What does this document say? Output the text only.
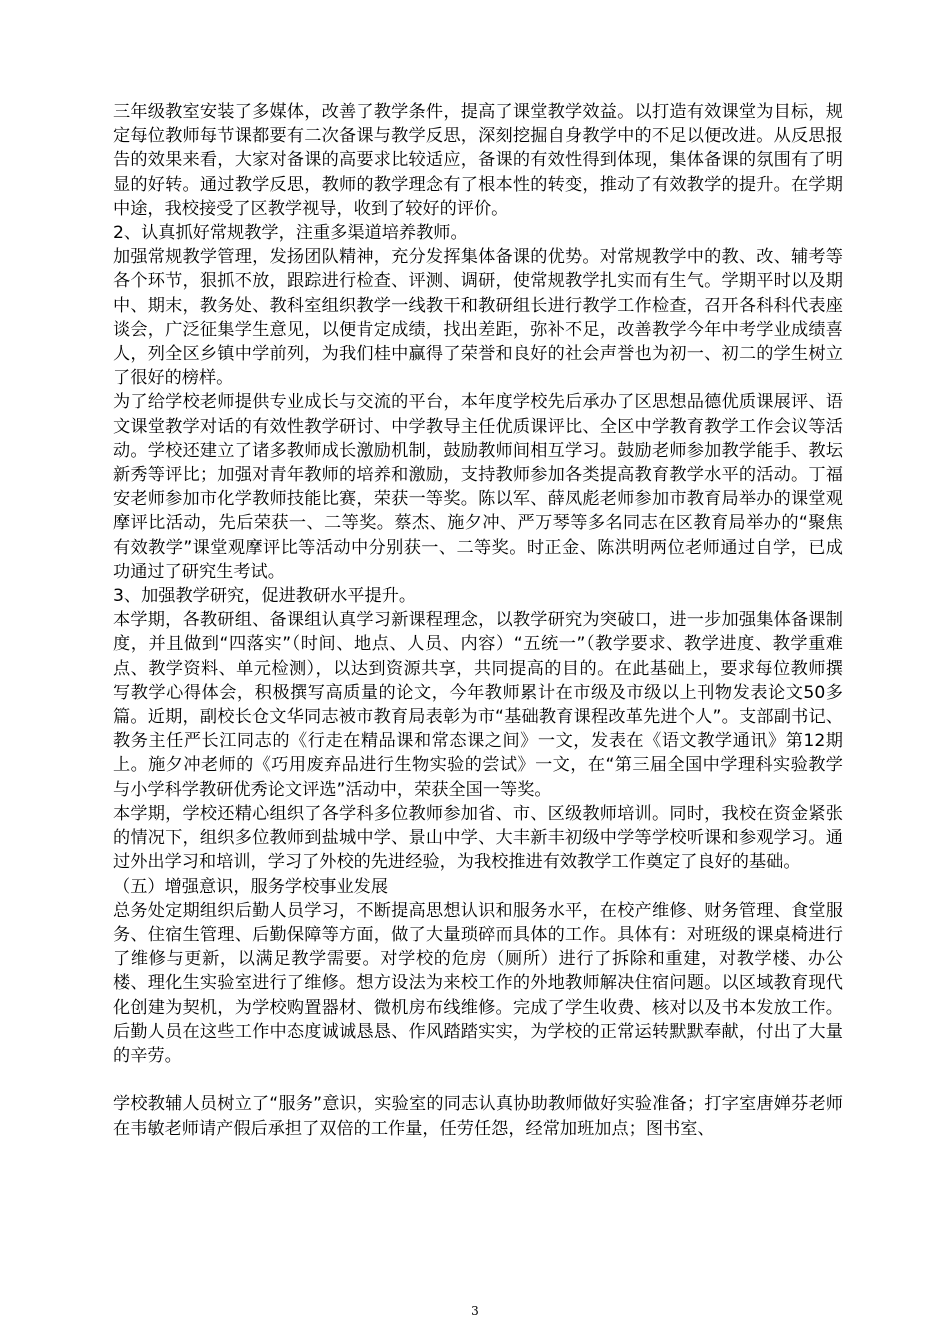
三年级教室安装了多媒体，改善了教学条件，提高了课堂教学效益。以打造有效课堂为目标，规定每位教师每节课都要有二次备课与教学反思，深刻挖掘自身教学中的不足以便改进。从反思报告的效果来看，大家对备课的高要求比较适应，备课的有效性得到体现，集体备课的氛围有了明显的好转。通过教学反思，教师的教学理念有了根本性的转变，推动了有效教学的提升。在学期中途，我校接受了区教学视导，收到了较好的评价。

2、认真抓好常规教学，注重多渠道培养教师。

加强常规教学管理，发扬团队精神，充分发挥集体备课的优势。对常规教学中的教、改、辅考等各个环节，狠抓不放，跟踪进行检查、评测、调研，使常规教学扎实而有生气。学期平时以及期中、期末，教务处、教科室组织教学一线教干和教研组长进行教学工作检查，召开各科科代表座谈会，广泛征集学生意见，以便肯定成绩，找出差距，弥补不足，改善教学今年中考学业成绩喜人，列全区乡镇中学前列，为我们桂中赢得了荣誉和良好的社会声誉也为初一、初二的学生树立了很好的榜样。

为了给学校老师提供专业成长与交流的平台，本年度学校先后承办了区思想品德优质课展评、语文课堂教学对话的有效性教学研讨、中学教导主任优质课评比、全区中学教育教学工作会议等活动。学校还建立了诸多教师成长激励机制，鼓励教师间相互学习。鼓励老师参加教学能手、教坛新秀等评比；加强对青年教师的培养和激励，支持教师参加各类提高教育教学水平的活动。丁福安老师参加市化学教师技能比赛，荣获一等奖。陈以军、薛凤彪老师参加市教育局举办的课堂观摩评比活动，先后荣获一、二等奖。蔡杰、施夕冲、严万琴等多名同志在区教育局举办的“聚焦有效教学”课堂观摩评比等活动中分别获一、二等奖。时正金、陈洪明两位老师通过自学，已成功通过了研究生考试。

3、加强教学研究，促进教研水平提升。

本学期，各教研组、备课组认真学习新课程理念，以教学研究为突破口，进一步加强集体备课制度，并且做到“四落实”（时间、地点、人员、内容）“五统一”（教学要求、教学进度、教学重难点、教学资料、单元检测），以达到资源共享，共同提高的目的。在此基础上，要求每位教师撰写教学心得体会，积极撰写高质量的论文，今年教师累计在市级及市级以上刊物发表论文50多篇。近期，副校长仓文华同志被市教育局表彰为市“基础教育课程改革先进个人”。支部副书记、教务主任严长江同志的《行走在精品课和常态课之间》一文，发表在《语文教学通讯》第12期上。施夕冲老师的《巧用废弃品进行生物实验的尝试》一文，在“第三届全国中学理科实验教学与小学科学教研优秀论文评选”活动中，荣获全国一等奖。

本学期，学校还精心组织了各学科多位教师参加省、市、区级教师培训。同时，我校在资金紧张的情况下，组织多位教师到盐城中学、景山中学、大丰新丰初级中学等学校听课和参观学习。通过外出学习和培训，学习了外校的先进经验，为我校推进有效教学工作奠定了良好的基础。

（五）增强意识，服务学校事业发展

总务处定期组织后勤人员学习，不断提高思想认识和服务水平，在校产维修、财务管理、食堂服务、住宿生管理、后勤保障等方面，做了大量琐碎而具体的工作。具体有：对班级的课桌椅进行了维修与更新，以满足教学需要。对学校的危房（厕所）进行了拆除和重建，对教学楼、办公楼、理化生实验室进行了维修。想方设法为来校工作的外地教师解决住宿问题。以区域教育现代化创建为契机，为学校购置器材、微机房布线维修。完成了学生收费、核对以及书本发放工作。后勤人员在这些工作中态度诚诚恳恳、作风踏踏实实，为学校的正常运转默默奉献，付出了大量的辛劳。

学校教辅人员树立了“服务”意识，实验室的同志认真协助教师做好实验准备；打字室唐婵芬老师在韦敏老师请产假后承担了双倍的工作量，任劳任怨，经常加班加点；图书室、

3
